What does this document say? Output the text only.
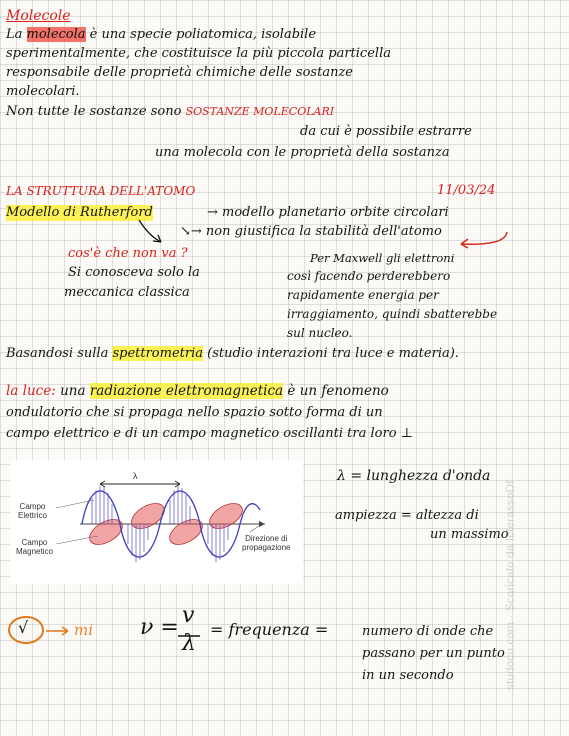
Molecole
La molecola è una specie poliatomica, isolabile
sperimentalmente, che costituisce la più piccola particella
responsabile delle proprietà chimiche delle sostanze
molecolari.
Non tutte le sostanze sono SOSTANZE MOLECOLARI
da cui è possibile estrarre
una molecola con le proprietà della sostanza
LA STRUTTURA DELL'ATOMO	11/03/24
Modello di Rutherford	→ modello planetario orbite circolari
↘→ non giustifica la stabilità dell'atomo
cos'è che non va ?
Si conosceva solo la
meccanica classica
Per Maxwell gli elettroni
così facendo perderebbero
rapidamente energia per
irraggiamento, quindi sbatterebbe
sul nucleo.
Basandosi sulla spettrometria (studio interazioni tra luce e materia).
la luce: una radiazione elettromagnetica è un fenomeno
ondulatorio che si propaga nello spazio sotto forma di un
campo elettrico e di un campo magnetico oscillanti tra loro ⊥
λ
Campo
Elettrico
Campo
Magnetico
Direzione di
propagazione
λ = lunghezza d'onda
ampiezza = altezza di
un massimo
√	mi ν = v
λ
= frequenza =	numero di onde che
passano per un punto
in un secondo	studocu.com · Scaricato da IcterassoDf
